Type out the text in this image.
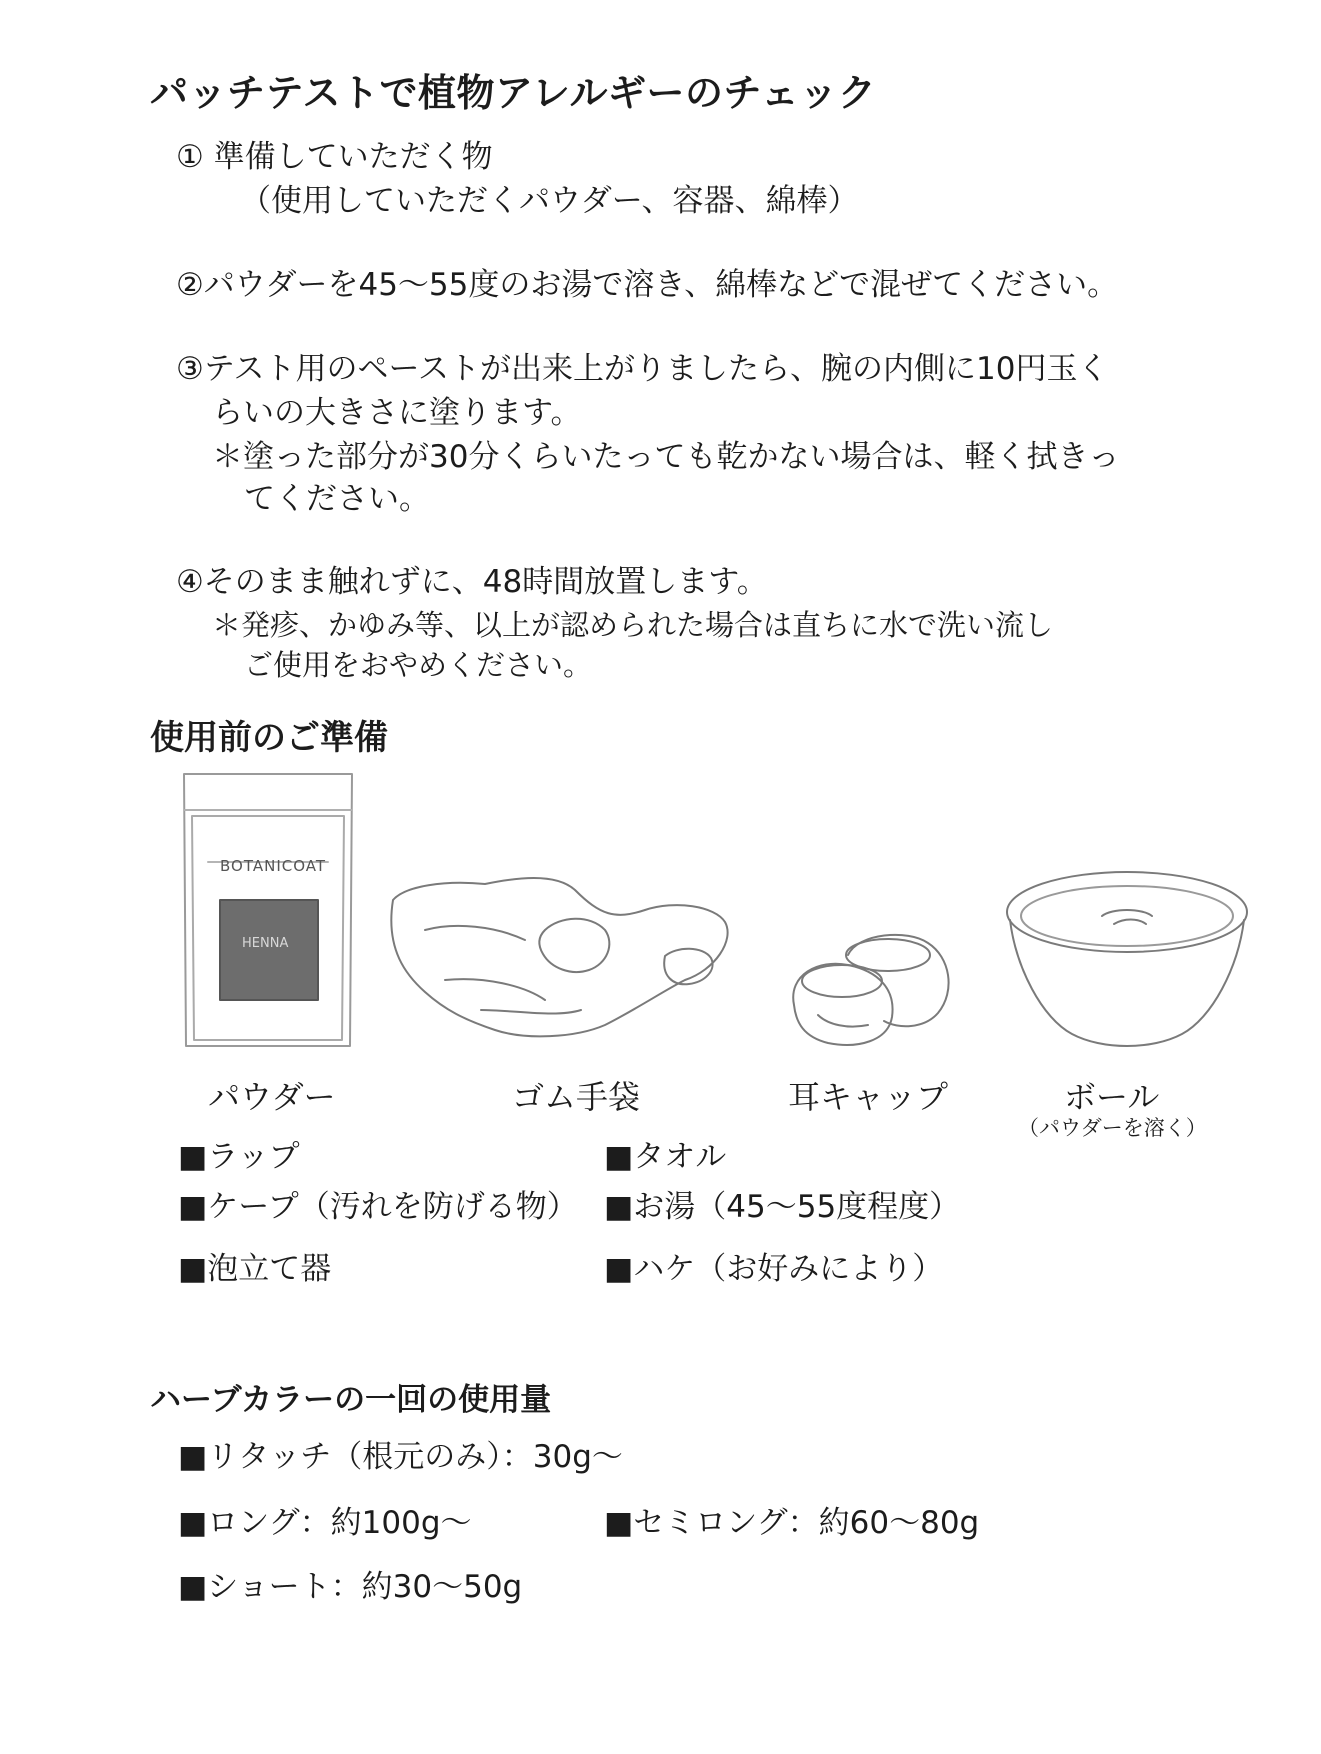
パッチテストで植物アレルギーのチェック
① 準備していただく物
（使用していただくパウダー、容器、綿棒）
②パウダーを45～55度のお湯で溶き、綿棒などで混ぜてください。
③テスト用のペーストが出来上がりましたら、腕の内側に10円玉く
らいの大きさに塗ります。
＊塗った部分が30分くらいたっても乾かない場合は、軽く拭きっ
てください。
④そのまま触れずに、48時間放置します。
＊発疹、かゆみ等、以上が認められた場合は直ちに水で洗い流し
ご使用をおやめください。
使用前のご準備
BOTANICOAT
HENNA
パウダー	ゴム手袋	耳キャップ	ボール
（パウダーを溶く）
■ラップ	■タオル
■ケープ（汚れを防げる物） ■お湯（45～55度程度）
■泡立て器	■ハケ（お好みにより）
ハーブカラーの一回の使用量
■リタッチ（根元のみ）：30g～
■ロング：約100g～	■セミロング：約60～80g
■ショート：約30～50g
